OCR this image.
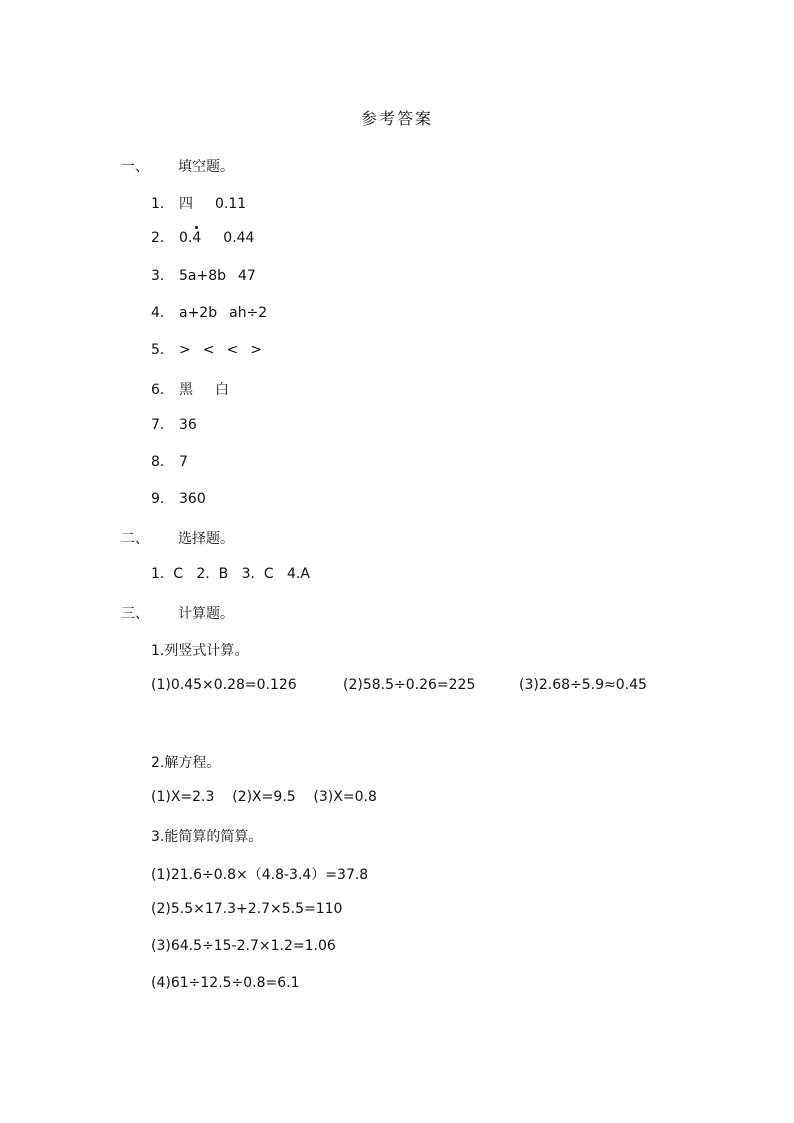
参考答案
一、 填空题。
1. 四 0.11
2. 0.4 0.44
3. 5a+8b 47
4. a+2b ah÷2
5. > < < >
6. 黑 白
7. 36
8. 7
9. 360
二、 选择题。
1.  C   2.  B   3.  C   4.A
三、 计算题。
1.列竖式计算。
(1)0.45×0.28=0.126	(2)58.5÷0.26=225	(3)2.68÷5.9≈0.45
2.解方程。
(1)X=2.3    (2)X=9.5    (3)X=0.8
3.能简算的简算。
(1)21.6÷0.8×（4.8-3.4）=37.8
(2)5.5×17.3+2.7×5.5=110
(3)64.5÷15-2.7×1.2=1.06
(4)61÷12.5÷0.8=6.1
